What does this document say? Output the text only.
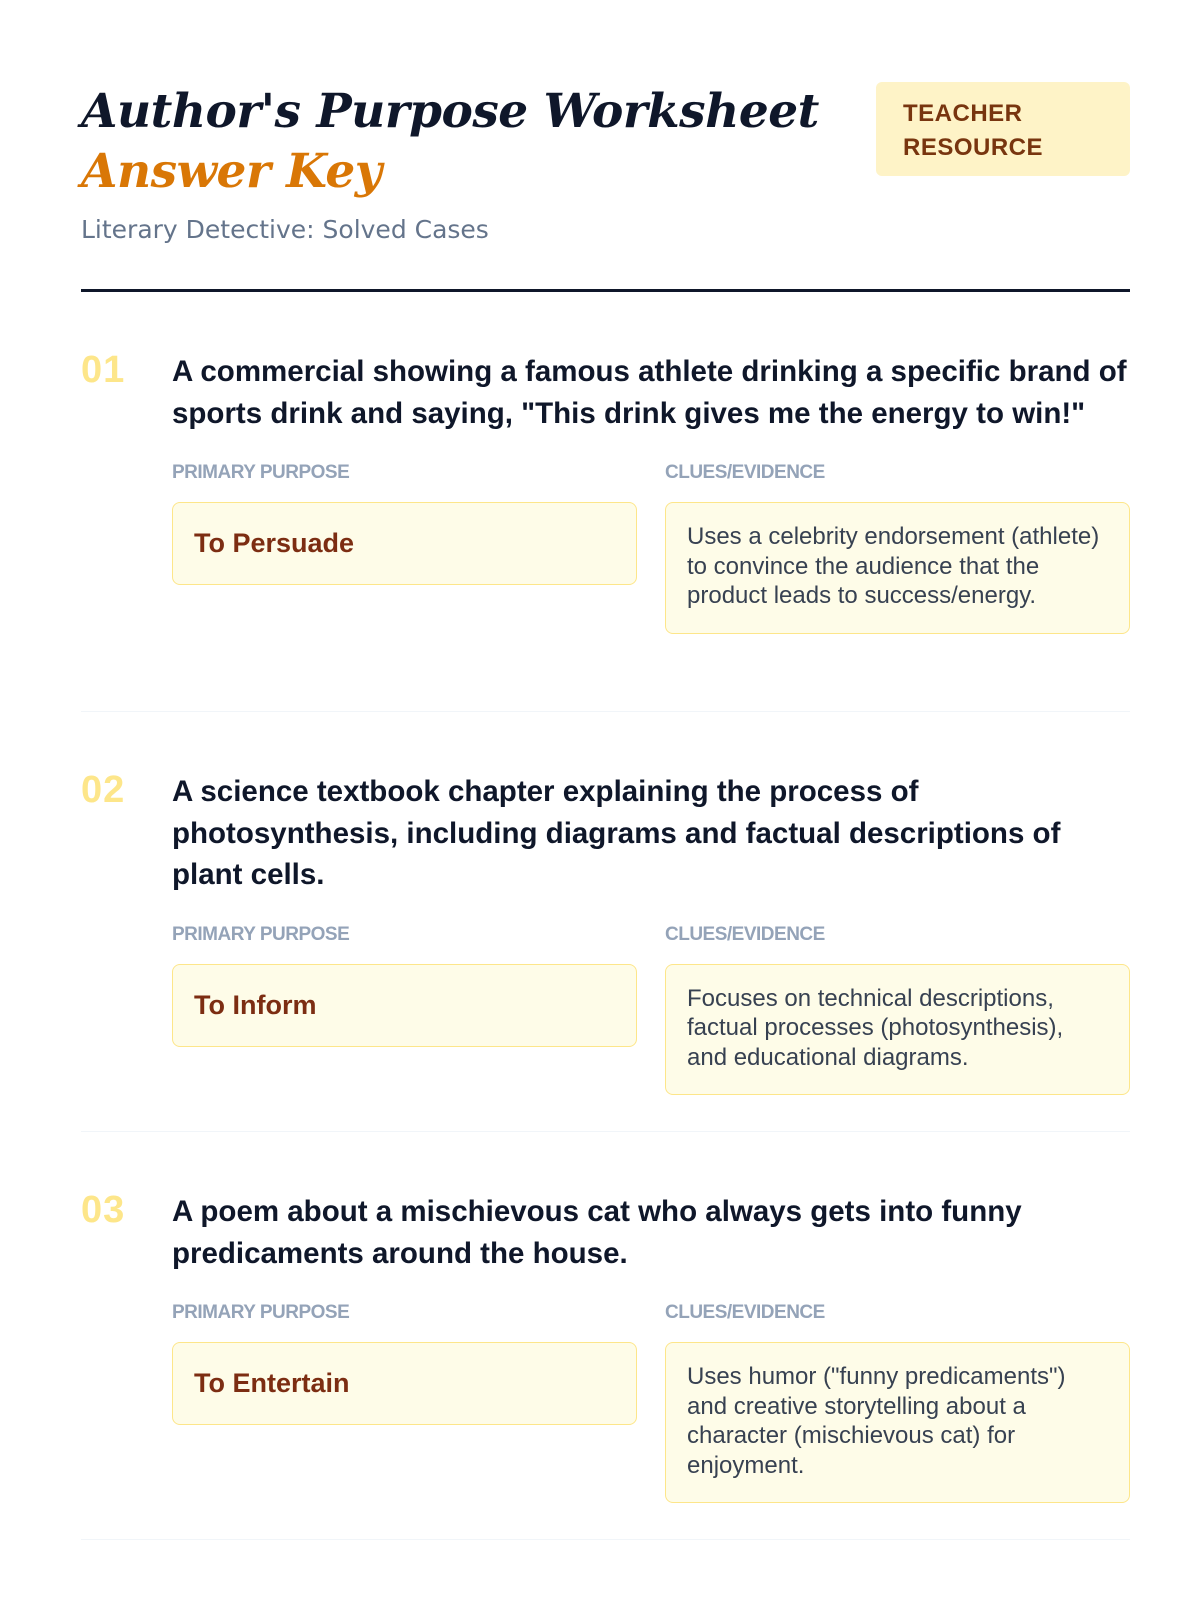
Author's Purpose Worksheet
Answer Key
Literary Detective: Solved Cases
TEACHER
RESOURCE
01 A commercial showing a famous athlete drinking a specific brand of sports drink and saying, "This drink gives me the energy to win!"
PRIMARY PURPOSE
To Persuade
CLUES/EVIDENCE
Uses a celebrity endorsement (athlete) to convince the audience that the product leads to success/energy.
02 A science textbook chapter explaining the process of photosynthesis, including diagrams and factual descriptions of plant cells.
PRIMARY PURPOSE
To Inform
CLUES/EVIDENCE
Focuses on technical descriptions, factual processes (photosynthesis), and educational diagrams.
03 A poem about a mischievous cat who always gets into funny predicaments around the house.
PRIMARY PURPOSE
To Entertain
CLUES/EVIDENCE
Uses humor ("funny predicaments") and creative storytelling about a character (mischievous cat) for enjoyment.
